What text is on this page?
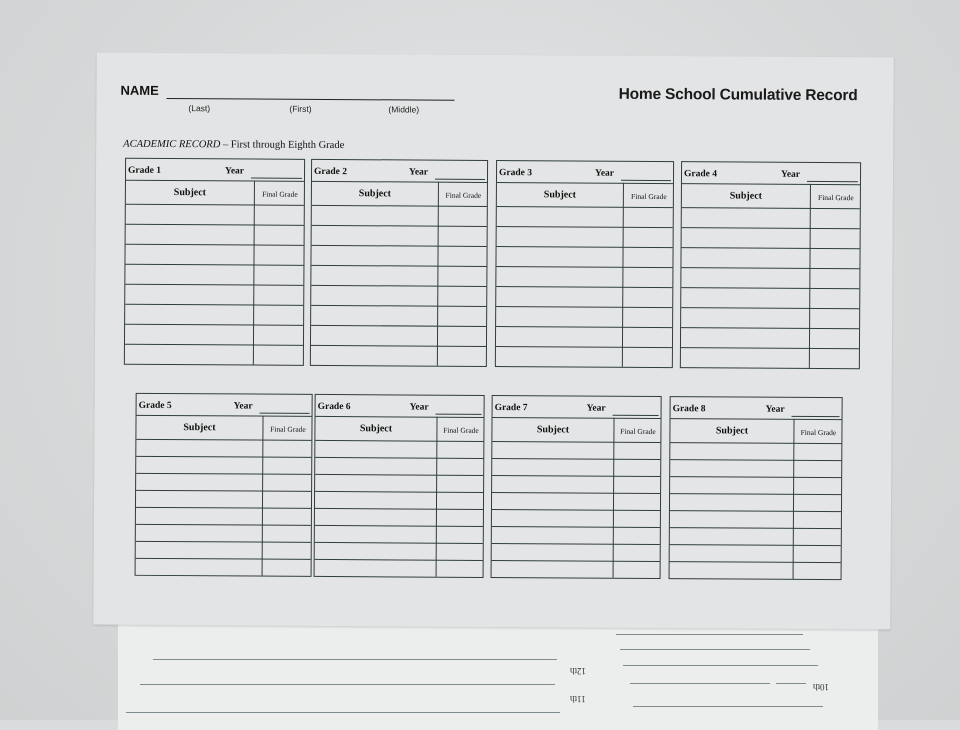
12th
11th
10th
NAME
(Last)	(First)	(Middle)
Home School Cumulative Record
ACADEMIC RECORD – First through Eighth Grade
Grade 1	Year
Subject	Final Grade
Grade 2	Year
Subject	Final Grade
Grade 3	Year
Subject	Final Grade
Grade 4	Year
Subject	Final Grade
Grade 5	Year
Subject	Final Grade
Grade 6	Year
Subject	Final Grade
Grade 7	Year
Subject	Final Grade
Grade 8	Year
Subject	Final Grade
